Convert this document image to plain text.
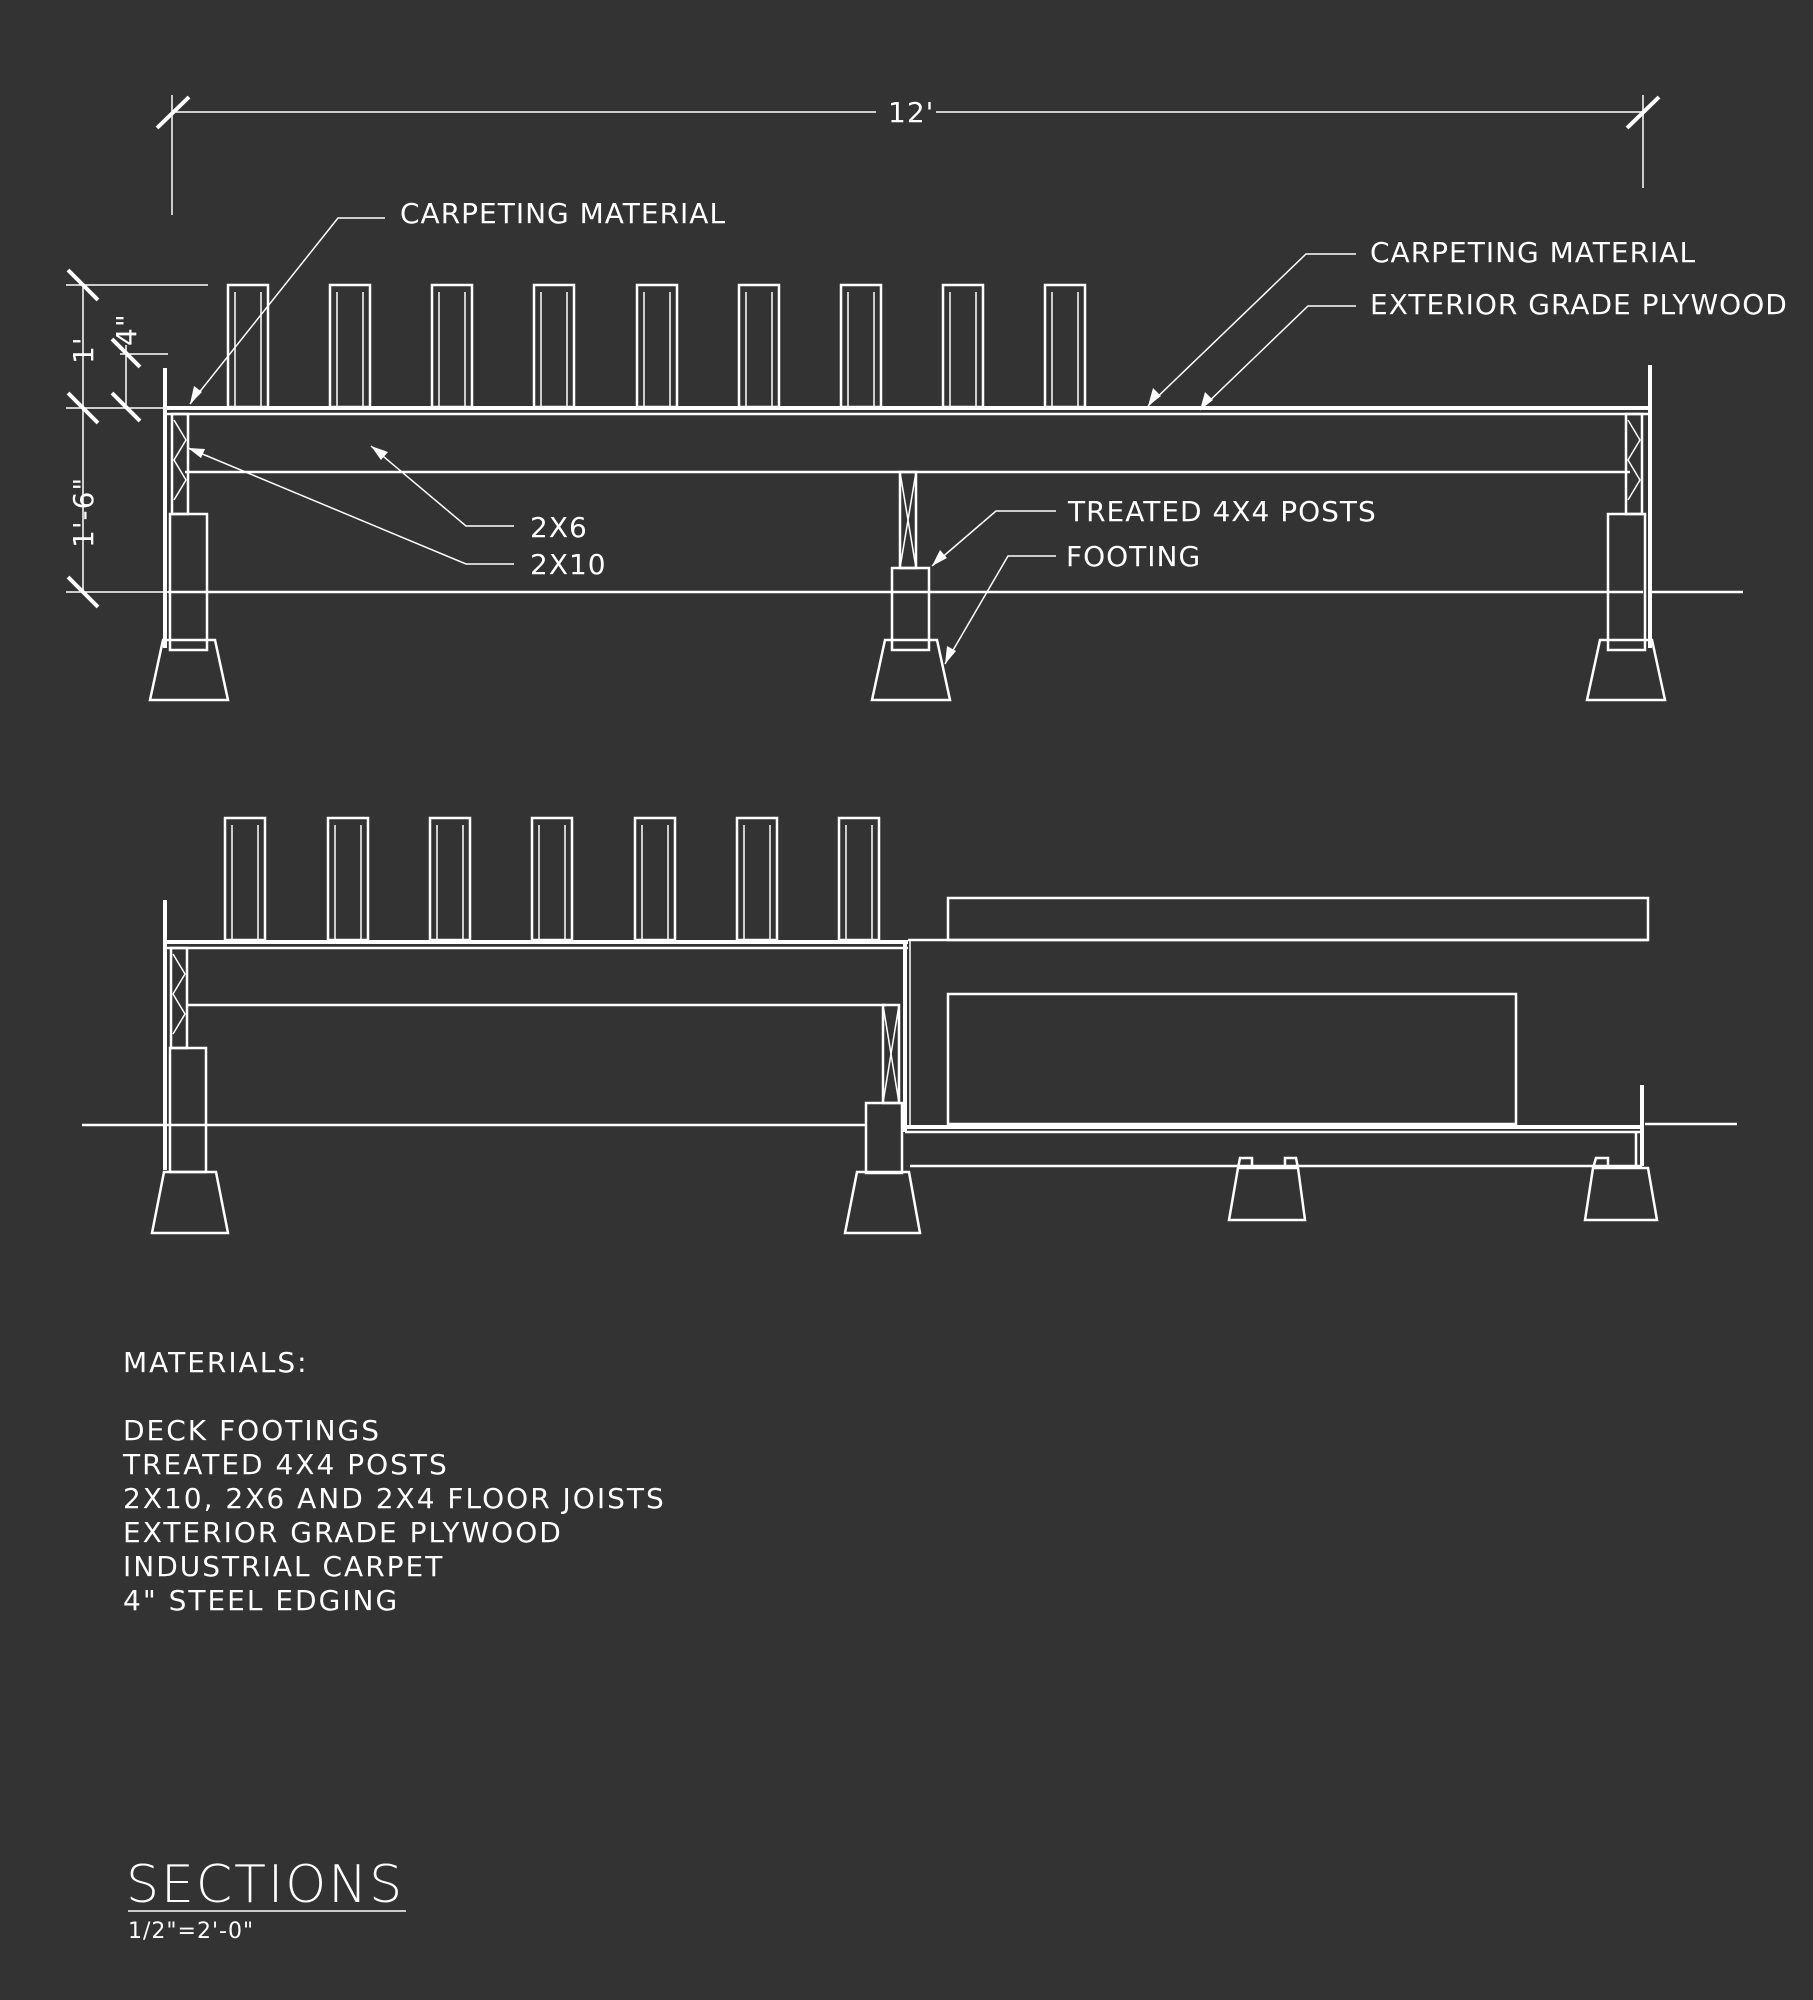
12'
1'
4"
1'-6"
CARPETING MATERIAL
CARPETING MATERIAL
EXTERIOR GRADE PLYWOOD
2X6
2X10
TREATED 4X4 POSTS
FOOTING
SECTIONS
1/2"=2'-0"
MATERIALS:
DECK FOOTINGS
TREATED 4X4 POSTS
2X10, 2X6 AND 2X4 FLOOR JOISTS
EXTERIOR GRADE PLYWOOD
INDUSTRIAL CARPET
4" STEEL EDGING
